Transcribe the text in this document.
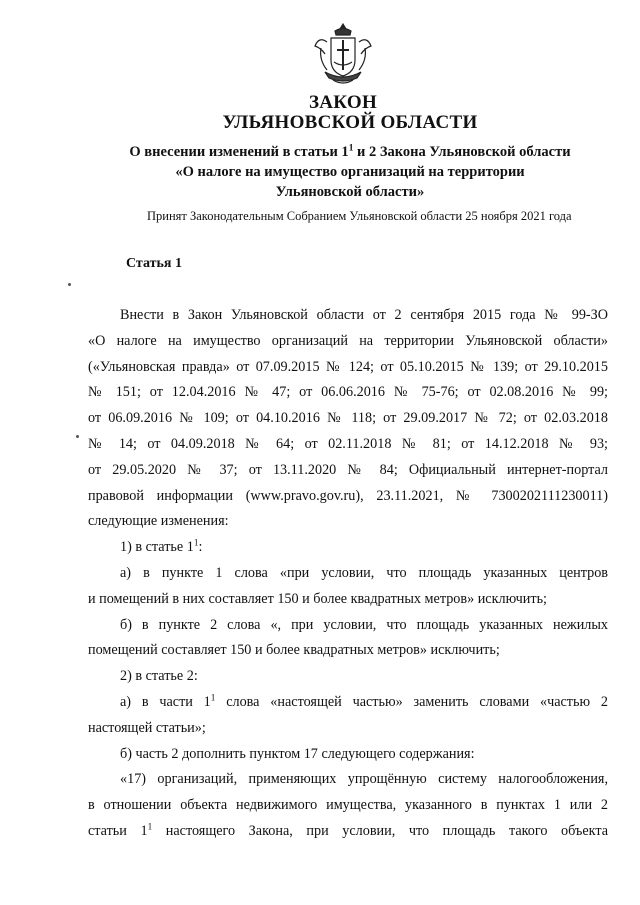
ЗАКОН
УЛЬЯНОВСКОЙ ОБЛАСТИ

О внесении изменений в статьи $1^1$ и 2 Закона Ульяновской области

«О налоге на имущество организаций на территории

Ульяновской области»

Принят Законодательным Собранием Ульяновской области 25 ноября 2021 года
Статья 1
Внести в Закон Ульяновской области от 2 сентября 2015 года № 99-ЗО
«О налоге на имущество организаций на территории Ульяновской области»
(«Ульяновская правда» от 07.09.2015 № 124; от 05.10.2015 № 139; от 29.10.2015
№ 151; от 12.04.2016 № 47; от 06.06.2016 № 75-76; от 02.08.2016 № 99;
от 06.09.2016 № 109; от 04.10.2016 № 118; от 29.09.2017 № 72; от 02.03.2018
№ 14; от 04.09.2018 № 64; от 02.11.2018 № 81; от 14.12.2018 № 93;
от 29.05.2020 № 37; от 13.11.2020 № 84; Официальный интернет-портал
правовой информации (www.pravo.gov.ru), 23.11.2021, № 7300202111230011)
следующие изменения:
1) в статье $1^1$:
а) в пункте 1 слова «при условии, что площадь указанных центров
и помещений в них составляет 150 и более квадратных метров» исключить;
б) в пункте 2 слова «, при условии, что площадь указанных нежилых
помещений составляет 150 и более квадратных метров» исключить;
2) в статье 2:
а) в части $1^1$ слова «настоящей частью» заменить словами «частью 2
настоящей статьи»;
б) часть 2 дополнить пунктом 17 следующего содержания:
«17) организаций, применяющих упрощённую систему налогообложения,
в отношении объекта недвижимого имущества, указанного в пунктах 1 или 2
статьи $1^1$ настоящего Закона, при условии, что площадь такого объекта
